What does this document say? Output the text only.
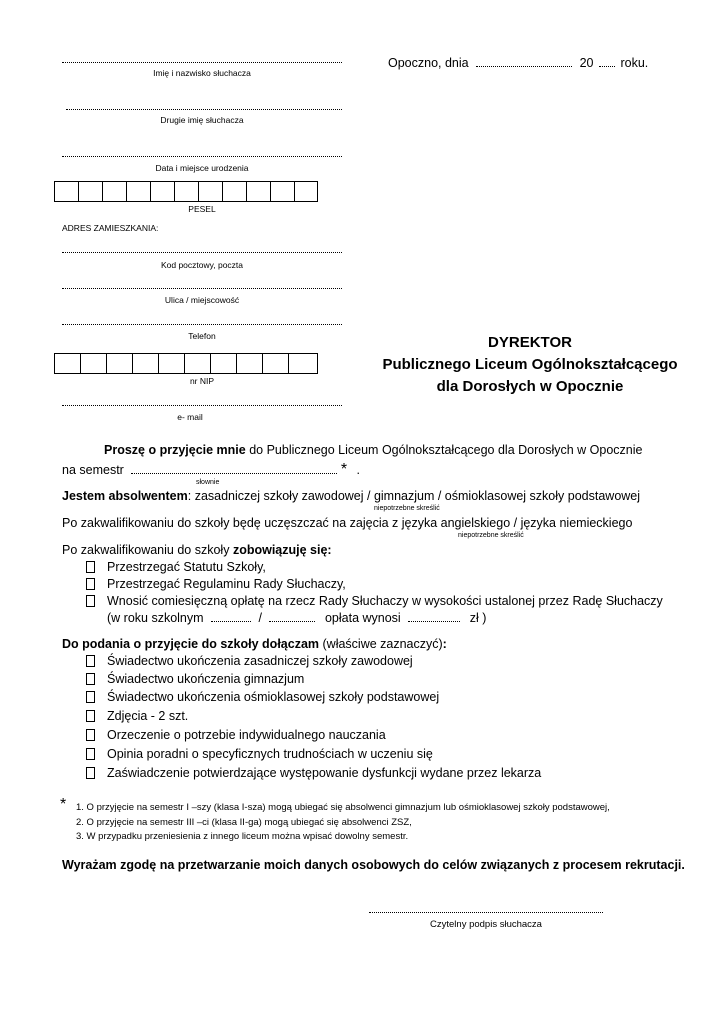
Opoczno, dnia	20 roku.
Imię i nazwisko słuchacza
Drugie imię słuchacza
Data i miejsce urodzenia
PESEL
ADRES ZAMIESZKANIA:
Kod pocztowy, poczta
Ulica / miejscowość
Telefon
nr NIP
e- mail
DYREKTOR
Publicznego Liceum Ogólnokształcącego
dla Dorosłych w Opocznie
Proszę o przyjęcie mnie do Publicznego Liceum Ogólnokształcącego dla Dorosłych w Opocznie
na semestr	* .
słownie
Jestem absolwentem: zasadniczej szkoły zawodowej / gimnazjum / ośmioklasowej szkoły podstawowej
niepotrzebne skreślić
Po zakwalifikowaniu do szkoły będę uczęszczać na zajęcia z języka angielskiego / języka niemieckiego
niepotrzebne skreślić
Po zakwalifikowaniu do szkoły zobowiązuję się:
Przestrzegać Statutu Szkoły,
Przestrzegać Regulaminu Rady Słuchaczy,
Wnosić comiesięczną opłatę na rzecz Rady Słuchaczy w wysokości ustalonej przez Radę Słuchaczy
(w roku szkolnym	/	opłata wynosi	zł )
Do podania o przyjęcie do szkoły dołączam (właściwe zaznaczyć):
Świadectwo ukończenia zasadniczej szkoły zawodowej
Świadectwo ukończenia gimnazjum
Świadectwo ukończenia ośmioklasowej szkoły podstawowej
Zdjęcia - 2 szt.
Orzeczenie o potrzebie indywidualnego nauczania
Opinia poradni o specyficznych trudnościach w uczeniu się
Zaświadczenie potwierdzające występowanie dysfunkcji wydane przez lekarza
* 1. O przyjęcie na semestr I –szy (klasa I-sza) mogą ubiegać się absolwenci gimnazjum lub ośmioklasowej szkoły podstawowej,
2. O przyjęcie na semestr III –ci (klasa II-ga) mogą ubiegać się absolwenci ZSZ,
3. W przypadku przeniesienia z innego liceum można wpisać dowolny semestr.
Wyrażam zgodę na przetwarzanie moich danych osobowych do celów związanych z procesem rekrutacji.
Czytelny podpis słuchacza
